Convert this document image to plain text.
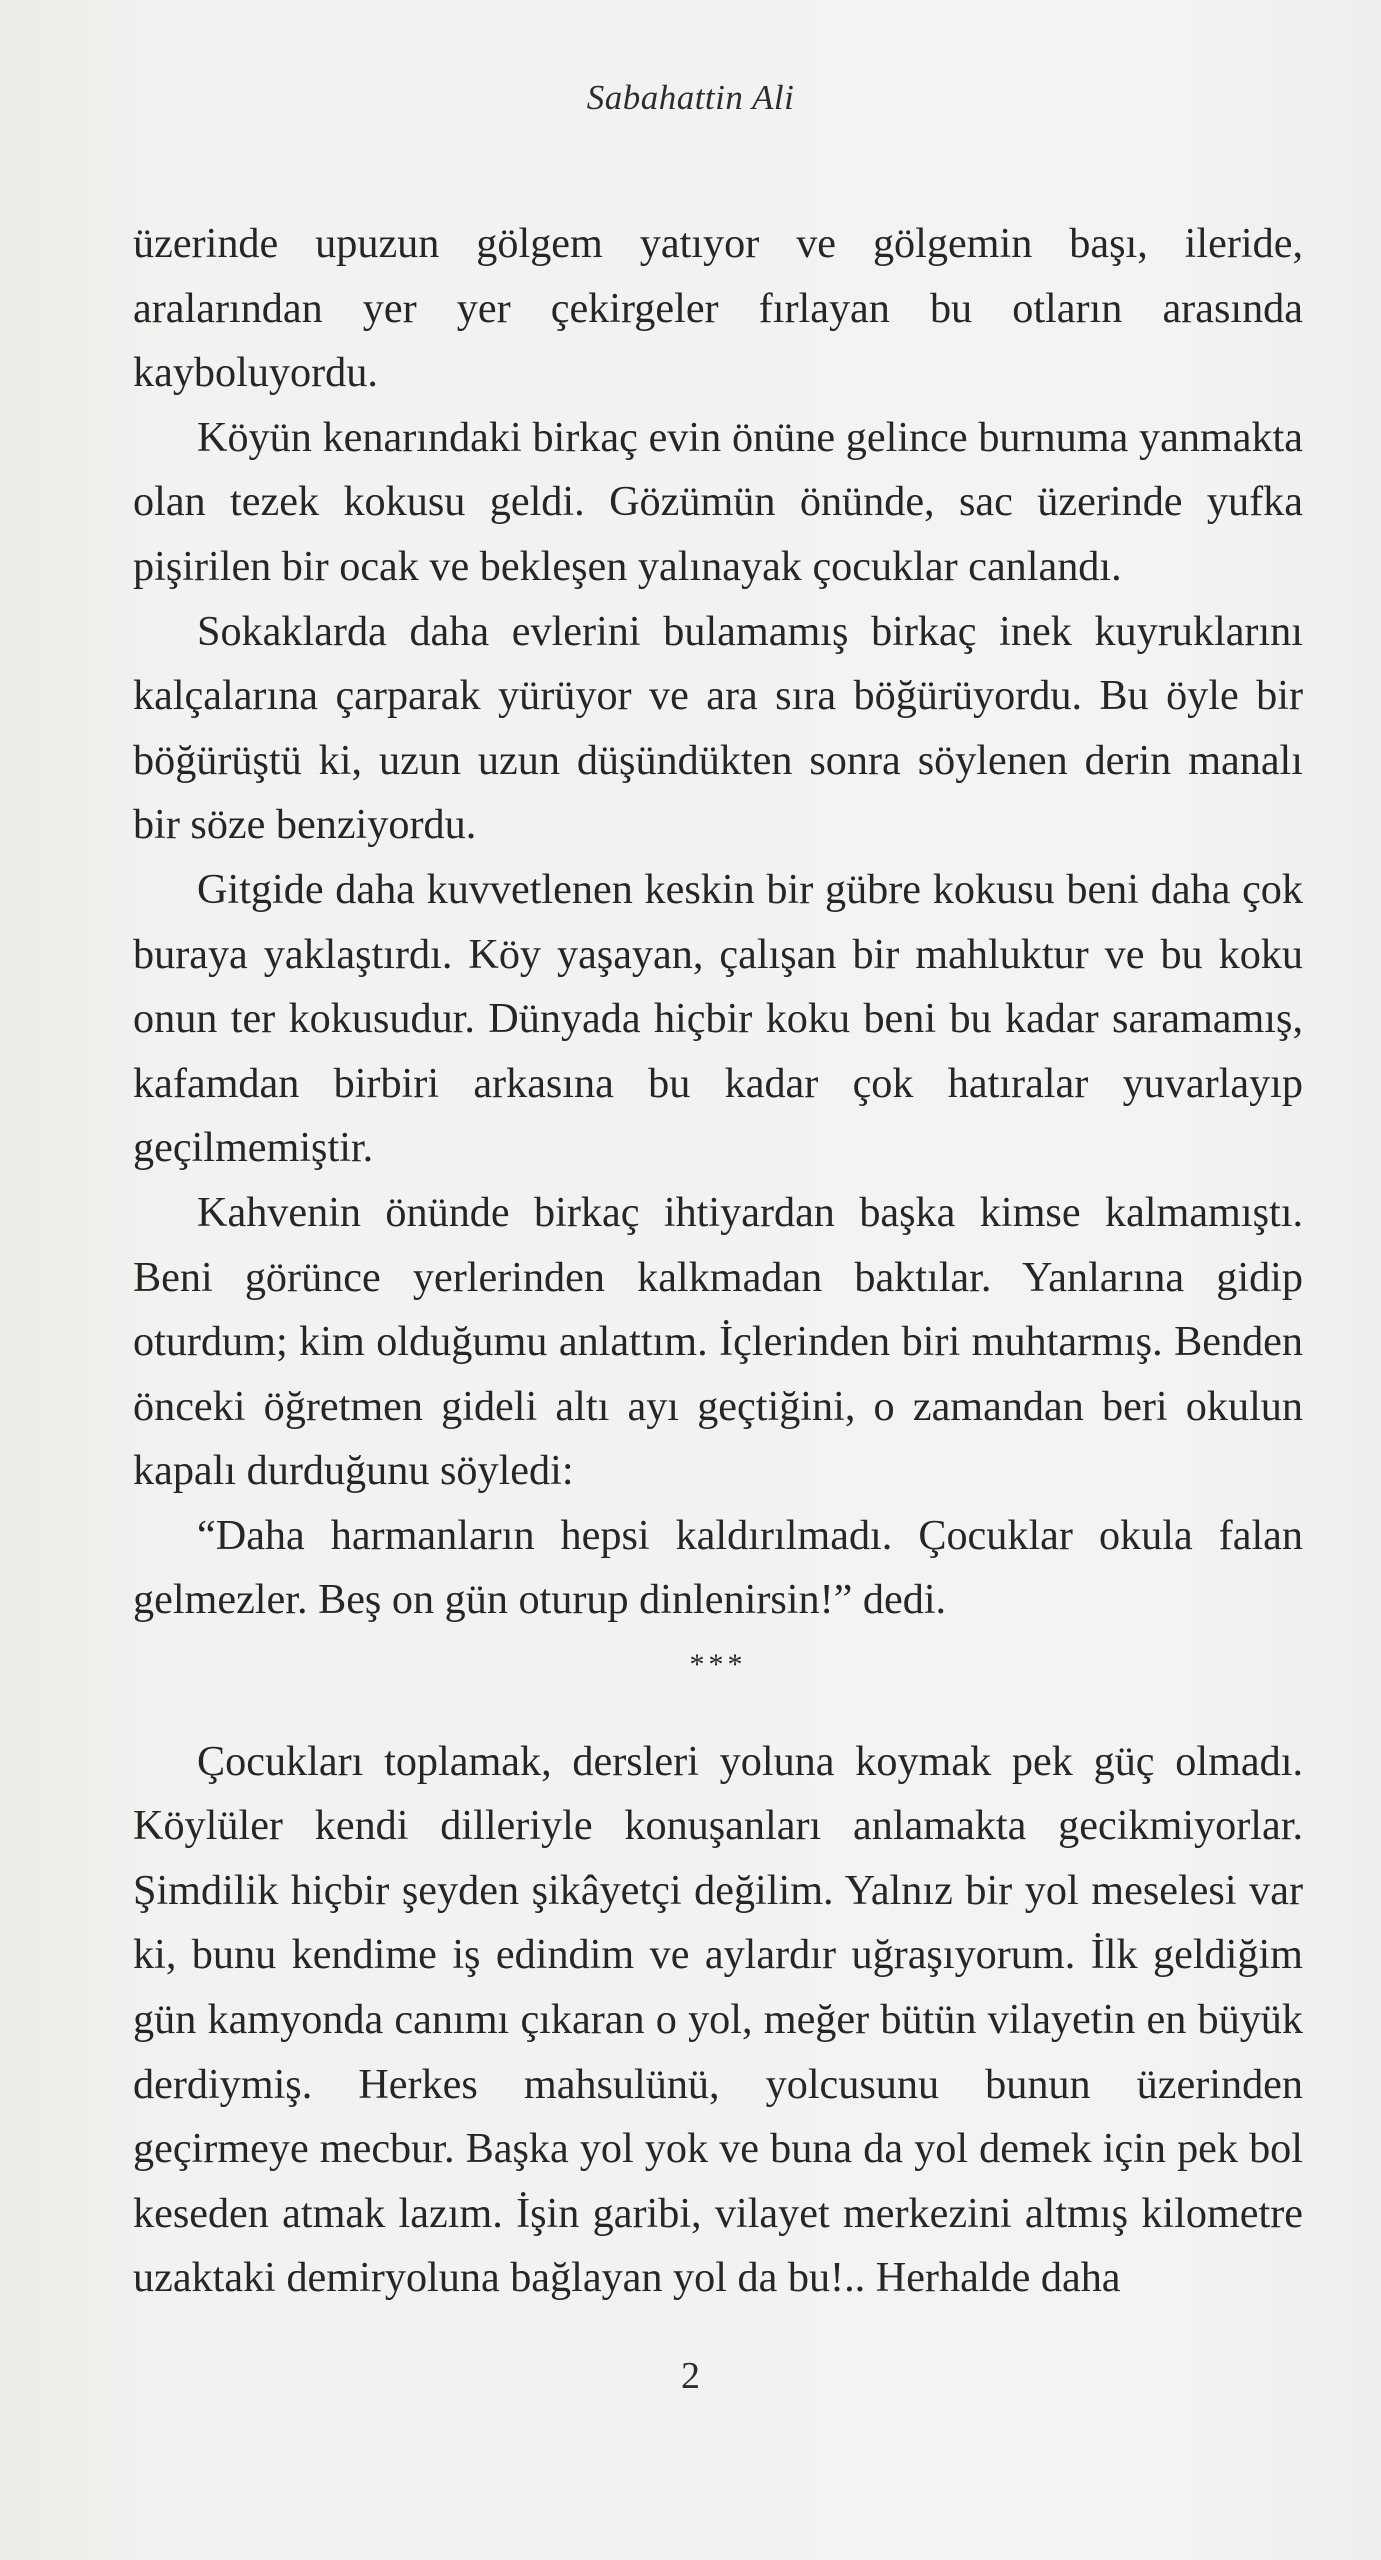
Sabahattin Ali

üzerinde upuzun gölgem yatıyor ve gölgemin başı, ileride, aralarından yer yer çekirgeler fırlayan bu otların arasında kayboluyordu.

Köyün kenarındaki birkaç evin önüne gelince burnuma yanmakta olan tezek kokusu geldi. Gözümün önünde, sac üzerinde yufka pişirilen bir ocak ve bekleşen yalınayak çocuklar canlandı.

Sokaklarda daha evlerini bulamamış birkaç inek kuyruklarını kalçalarına çarparak yürüyor ve ara sıra böğürüyordu. Bu öyle bir böğürüştü ki, uzun uzun düşündükten sonra söylenen derin manalı bir söze benziyordu.

Gitgide daha kuvvetlenen keskin bir gübre kokusu beni daha çok buraya yaklaştırdı. Köy yaşayan, çalışan bir mahluktur ve bu koku onun ter kokusudur. Dünyada hiçbir koku beni bu kadar saramamış, kafamdan birbiri arkasına bu kadar çok hatıralar yuvarlayıp geçilmemiştir.

Kahvenin önünde birkaç ihtiyardan başka kimse kalmamıştı. Beni görünce yerlerinden kalkmadan baktılar. Yanlarına gidip oturdum; kim olduğumu anlattım. İçlerinden biri muhtarmış. Benden önceki öğretmen gideli altı ayı geçtiğini, o zamandan beri okulun kapalı durduğunu söyledi:

“Daha harmanların hepsi kaldırılmadı. Çocuklar okula falan gelmezler. Beş on gün oturup dinlenirsin!” dedi.

***

Çocukları toplamak, dersleri yoluna koymak pek güç olmadı. Köylüler kendi dilleriyle konuşanları anlamakta gecikmiyorlar. Şimdilik hiçbir şeyden şikâyetçi değilim. Yalnız bir yol meselesi var ki, bunu kendime iş edindim ve aylardır uğraşıyorum. İlk geldiğim gün kamyonda canımı çıkaran o yol, meğer bütün vilayetin en büyük derdiymiş. Herkes mahsulünü, yolcusunu bunun üzerinden geçirmeye mecbur. Başka yol yok ve buna da yol demek için pek bol keseden atmak lazım. İşin garibi, vilayet merkezini altmış kilometre uzaktaki demiryoluna bağlayan yol da bu!.. Herhalde daha

2
